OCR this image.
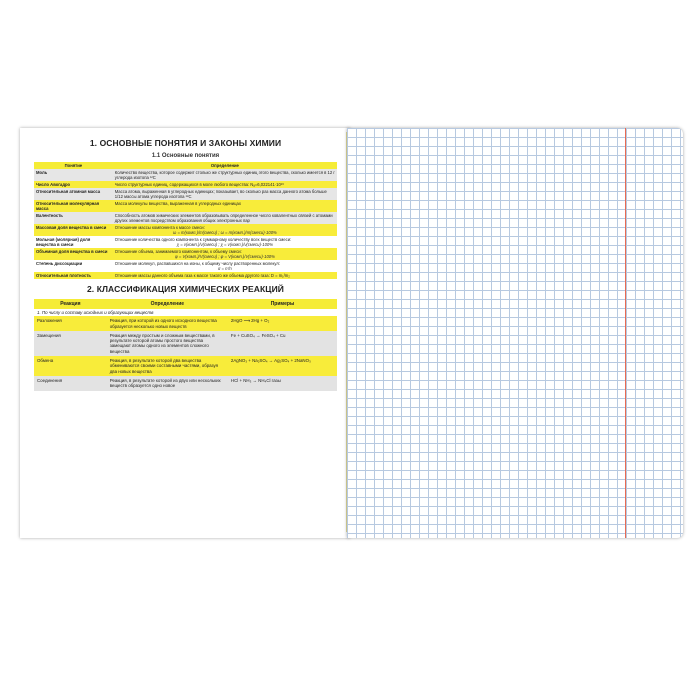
1. ОСНОВНЫЕ ПОНЯТИЯ И ЗАКОНЫ ХИМИИ
1.1 Основные понятия
Понятие	Определение
Моль	Количество вещества, которое содержит столько же структурных единиц этого вещества, сколько имеется в 12 г углерода изотопа ¹²C
Число Авогадро	Число структурных единиц, содержащихся в моле любого вещества: Nₐ=6,022141·10²³
Относительная атомная масса	Масса атома, выраженная в углеродных единицах; показывает, во сколько раз масса данного атома больше 1/12 массы атома углерода изотопа ¹²C
Относительная молекулярная масса	Масса молекулы вещества, выраженная в углеродных единицах
Валентность	Способность атомов химических элементов образовывать определенное число ковалентных связей с атомами других элементов посредством образования общих электронных пар
Массовая доля вещества в смеси	Отношение массы компонента к массе смеси:
ω = m(комп.)/m(смеси) ; ω = m(комп.)/m(смеси)·100%

Мольная (молярная) доля вещества в смеси	Отношение количества одного компонента к суммарному количеству всех веществ смеси:
χ = ν(комп.)/ν(смеси) ; χ = ν(комп.)/ν(смеси)·100%

Объемная доля вещества в смеси	Отношение объема, занимаемого компонентом, к объему смеси:
φ = V(комп.)/V(смеси) ; φ = V(комп.)/V(смеси)·100%

Степень диссоциации	Отношение молекул, распавшихся на ионы, к общему числу растворенных молекул:
α = n′/n

Относительная плотность	Отношение массы данного объема газа к массе такого же объема другого газа: D = m₁/m₂
2. КЛАССИФИКАЦИЯ ХИМИЧЕСКИХ РЕАКЦИЙ
Реакция	Определение	Примеры
1. По числу и составу исходных и образующих веществ		
Разложения	Реакция, при которой из одного исходного вещества образуется несколько новых веществ	2HgO ⟶ 2Hg + O₂
Замещения	Реакция между простым и сложным веществами, в результате которой атомы простого вещества замещают атомы одного из элементов сложного вещества	Fe + CuSO₄ → FeSO₄ + Cu
Обмена	Реакция, в результате которой два вещества обмениваются своими составными частями, образуя два новых вещества	2AgNO₃ + Na₂SO₄ → Ag₂SO₄ + 2NaNO₃
Соединения	Реакция, в результате которой из двух или нескольких веществ образуется одно новое	HCl + NH₃ → NH₄Cl газы
